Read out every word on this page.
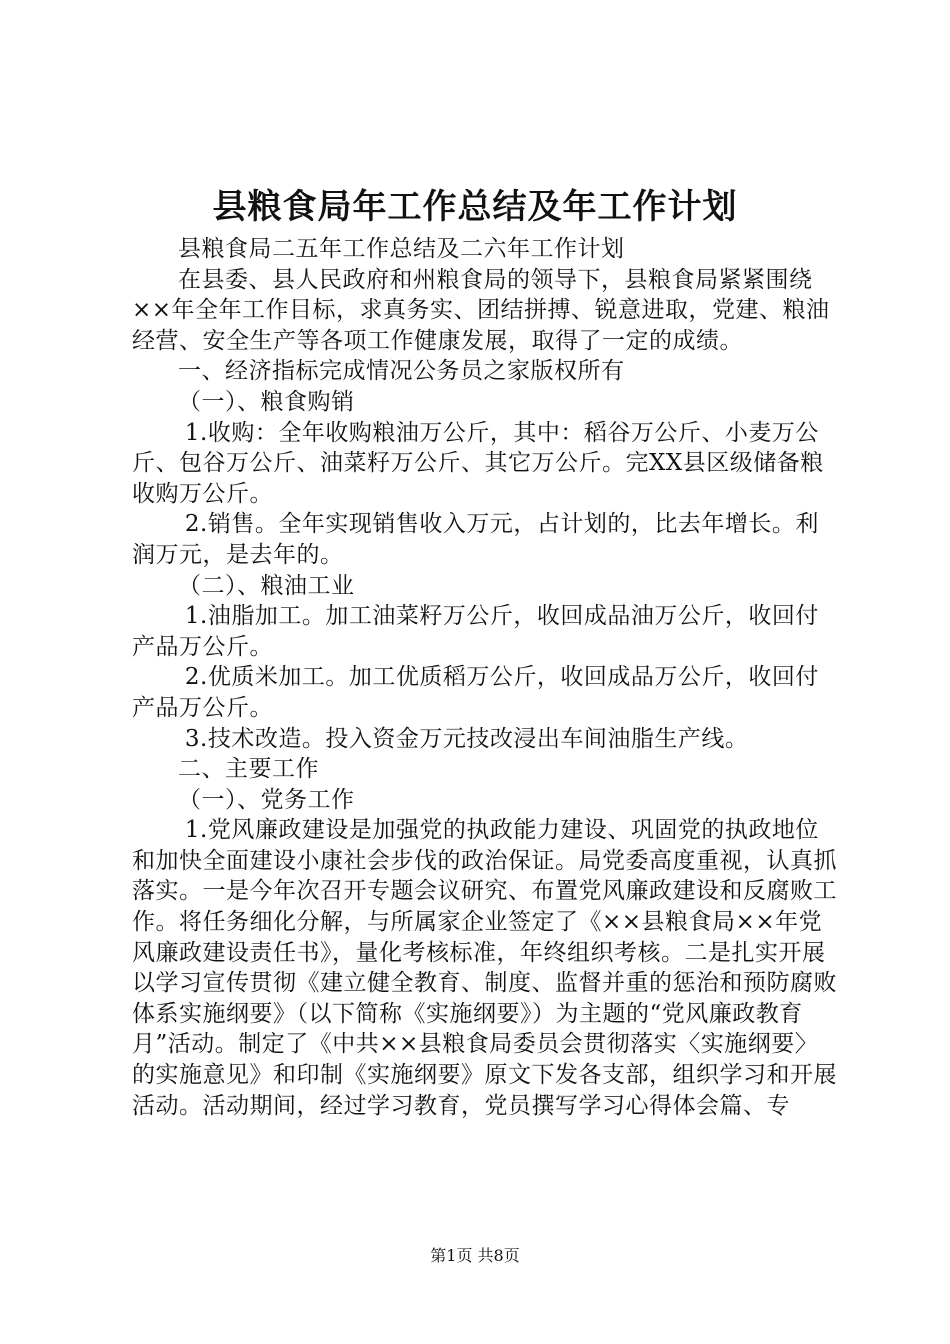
县粮食局年工作总结及年工作计划

县粮食局二五年工作总结及二六年工作计划

在县委、县人民政府和州粮食局的领导下，县粮食局紧紧围绕××年全年工作目标，求真务实、团结拼搏、锐意进取，党建、粮油经营、安全生产等各项工作健康发展，取得了一定的成绩。

一、经济指标完成情况公务员之家版权所有

（一）、粮食购销

1.收购：全年收购粮油万公斤，其中：稻谷万公斤、小麦万公斤、包谷万公斤、油菜籽万公斤、其它万公斤。完XX县区级储备粮收购万公斤。

2.销售。全年实现销售收入万元，占计划的，比去年增长。利润万元，是去年的。

（二）、粮油工业

1.油脂加工。加工油菜籽万公斤，收回成品油万公斤，收回付产品万公斤。

2.优质米加工。加工优质稻万公斤，收回成品万公斤，收回付产品万公斤。

3.技术改造。投入资金万元技改浸出车间油脂生产线。

二、主要工作

（一）、党务工作

1.党风廉政建设是加强党的执政能力建设、巩固党的执政地位和加快全面建设小康社会步伐的政治保证。局党委高度重视，认真抓落实。一是今年次召开专题会议研究、布置党风廉政建设和反腐败工作。将任务细化分解，与所属家企业签定了《××县粮食局××年党风廉政建设责任书》，量化考核标准，年终组织考核。二是扎实开展以学习宣传贯彻《建立健全教育、制度、监督并重的惩治和预防腐败体系实施纲要》（以下简称《实施纲要》）为主题的“党风廉政教育月”活动。制定了《中共××县粮食局委员会贯彻落实〈实施纲要〉的实施意见》和印制《实施纲要》原文下发各支部，组织学习和开展活动。活动期间，经过学习教育，党员撰写学习心得体会篇、专

第1页 共8页
